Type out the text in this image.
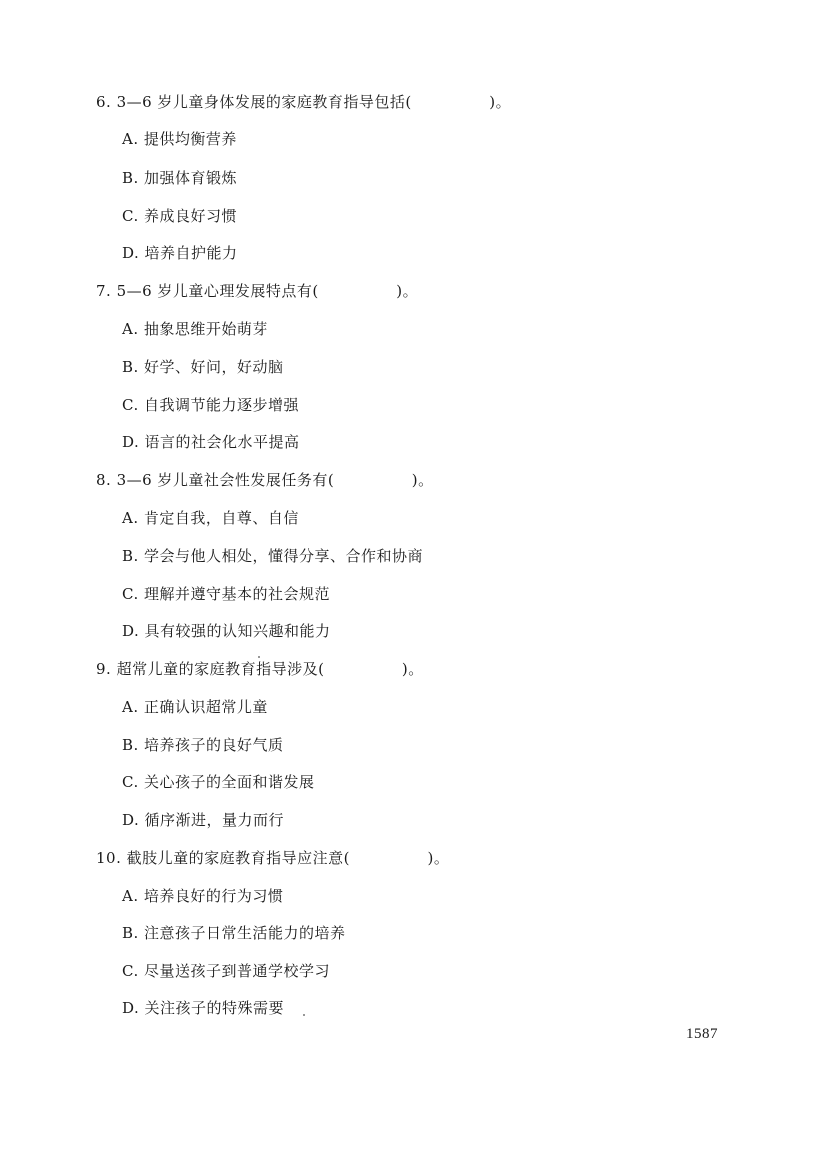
6. 3—6 岁儿童身体发展的家庭教育指导包括(　　　　　)。
A. 提供均衡营养
B. 加强体育锻炼
C. 养成良好习惯
D. 培养自护能力
7. 5—6 岁儿童心理发展特点有(　　　　　)。
A. 抽象思维开始萌芽
B. 好学、好问，好动脑
C. 自我调节能力逐步增强
D. 语言的社会化水平提高
8. 3—6 岁儿童社会性发展任务有(　　　　　)。
A. 肯定自我，自尊、自信
B. 学会与他人相处，懂得分享、合作和协商
C. 理解并遵守基本的社会规范
D. 具有较强的认知兴趣和能力
9. 超常儿童的家庭教育指导涉及(　　　　　)。
A. 正确认识超常儿童
B. 培养孩子的良好气质
C. 关心孩子的全面和谐发展
D. 循序渐进，量力而行
10. 截肢儿童的家庭教育指导应注意(　　　　　)。
A. 培养良好的行为习惯
B. 注意孩子日常生活能力的培养
C. 尽量送孩子到普通学校学习
D. 关注孩子的特殊需要
1587
